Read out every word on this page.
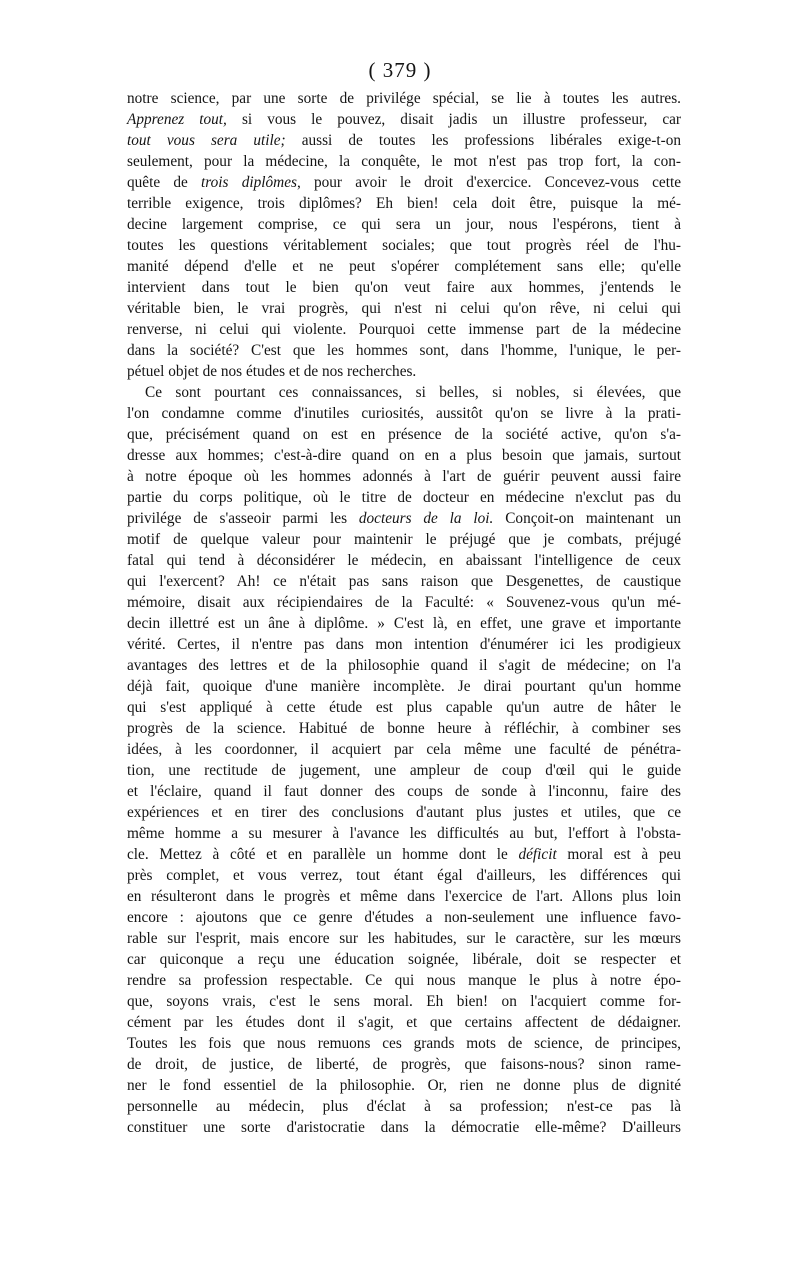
( 379 )
notre science, par une sorte de privilége spécial, se lie à toutes les autres.
Apprenez tout, si vous le pouvez, disait jadis un illustre professeur, car
tout vous sera utile; aussi de toutes les professions libérales exige-t-on
seulement, pour la médecine, la conquête, le mot n'est pas trop fort, la con-
quête de trois diplômes, pour avoir le droit d'exercice. Concevez-vous cette
terrible exigence, trois diplômes? Eh bien! cela doit être, puisque la mé-
decine largement comprise, ce qui sera un jour, nous l'espérons, tient à
toutes les questions véritablement sociales; que tout progrès réel de l'hu-
manité dépend d'elle et ne peut s'opérer complétement sans elle; qu'elle
intervient dans tout le bien qu'on veut faire aux hommes, j'entends le
véritable bien, le vrai progrès, qui n'est ni celui qu'on rêve, ni celui qui
renverse, ni celui qui violente. Pourquoi cette immense part de la médecine
dans la société? C'est que les hommes sont, dans l'homme, l'unique, le per-
pétuel objet de nos études et de nos recherches.
Ce sont pourtant ces connaissances, si belles, si nobles, si élevées, que
l'on condamne comme d'inutiles curiosités, aussitôt qu'on se livre à la prati-
que, précisément quand on est en présence de la société active, qu'on s'a-
dresse aux hommes; c'est-à-dire quand on en a plus besoin que jamais, surtout
à notre époque où les hommes adonnés à l'art de guérir peuvent aussi faire
partie du corps politique, où le titre de docteur en médecine n'exclut pas du
privilége de s'asseoir parmi les docteurs de la loi. Conçoit-on maintenant un
motif de quelque valeur pour maintenir le préjugé que je combats, préjugé
fatal qui tend à déconsidérer le médecin, en abaissant l'intelligence de ceux
qui l'exercent? Ah! ce n'était pas sans raison que Desgenettes, de caustique
mémoire, disait aux récipiendaires de la Faculté: « Souvenez-vous qu'un mé-
decin illettré est un âne à diplôme. » C'est là, en effet, une grave et importante
vérité. Certes, il n'entre pas dans mon intention d'énumérer ici les prodigieux
avantages des lettres et de la philosophie quand il s'agit de médecine; on l'a
déjà fait, quoique d'une manière incomplète. Je dirai pourtant qu'un homme
qui s'est appliqué à cette étude est plus capable qu'un autre de hâter le
progrès de la science. Habitué de bonne heure à réfléchir, à combiner ses
idées, à les coordonner, il acquiert par cela même une faculté de pénétra-
tion, une rectitude de jugement, une ampleur de coup d'œil qui le guide
et l'éclaire, quand il faut donner des coups de sonde à l'inconnu, faire des
expériences et en tirer des conclusions d'autant plus justes et utiles, que ce
même homme a su mesurer à l'avance les difficultés au but, l'effort à l'obsta-
cle. Mettez à côté et en parallèle un homme dont le déficit moral est à peu
près complet, et vous verrez, tout étant égal d'ailleurs, les différences qui
en résulteront dans le progrès et même dans l'exercice de l'art. Allons plus loin
encore : ajoutons que ce genre d'études a non-seulement une influence favo-
rable sur l'esprit, mais encore sur les habitudes, sur le caractère, sur les mœurs
car quiconque a reçu une éducation soignée, libérale, doit se respecter et
rendre sa profession respectable. Ce qui nous manque le plus à notre épo-
que, soyons vrais, c'est le sens moral. Eh bien! on l'acquiert comme for-
cément par les études dont il s'agit, et que certains affectent de dédaigner.
Toutes les fois que nous remuons ces grands mots de science, de principes,
de droit, de justice, de liberté, de progrès, que faisons-nous? sinon rame-
ner le fond essentiel de la philosophie. Or, rien ne donne plus de dignité
personnelle au médecin, plus d'éclat à sa profession; n'est-ce pas là
constituer une sorte d'aristocratie dans la démocratie elle-même? D'ailleurs
